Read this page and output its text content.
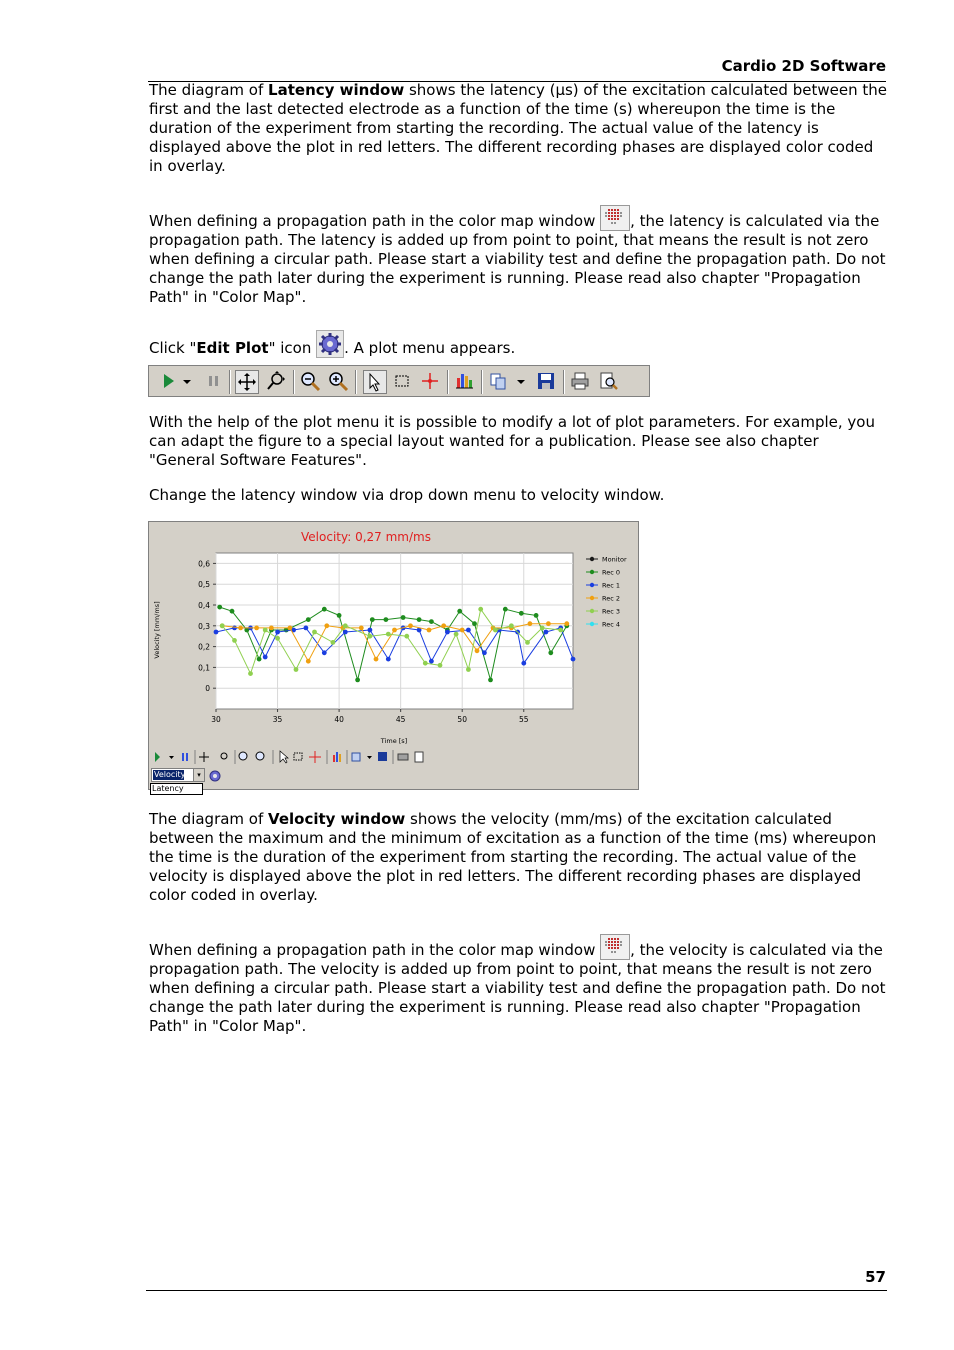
Cardio 2D Software

The diagram of Latency window shows the latency (µs) of the excitation calculated between the first and the last detected electrode as a function of the time (s) whereupon the time is the duration of the experiment from starting the recording. The actual value of the latency is displayed above the plot in red letters. The different recording phases are displayed color coded in overlay.

When defining a propagation path in the color map window , the latency is calculated via the propagation path. The latency is added up from point to point, that means the result is not zero when defining a circular path. Please start a viability test and define the propagation path. Do not change the path later during the experiment is running. Please read also chapter "Propagation Path" in "Color Map".

Click "Edit Plot" icon . A plot menu appears.

With the help of the plot menu it is possible to modify a lot of plot parameters. For example, you can adapt the figure to a special layout wanted for a publication. Please see also chapter "General Software Features".

Change the latency window via drop down menu to velocity window.

Velocity: 0,27 mm/ms
0,6
0,5
0,4
0,3
0,2
0,1
0
30	35	40	45	50	55
Velocity [mm/ms]
Time [s]
Monitor
Rec 0
Rec 1
Rec 2
Rec 3
Rec 4
Velocity	▾
Latency

The diagram of Velocity window shows the velocity (mm/ms) of the excitation calculated between the maximum and the minimum of excitation as a function of the time (ms) whereupon the time is the duration of the experiment from starting the recording. The actual value of the velocity is displayed above the plot in red letters. The different recording phases are displayed color coded in overlay.

When defining a propagation path in the color map window , the velocity is calculated via the propagation path. The velocity is added up from point to point, that means the result is not zero when defining a circular path. Please start a viability test and define the propagation path. Do not change the path later during the experiment is running. Please read also chapter "Propagation Path" in "Color Map".

57
